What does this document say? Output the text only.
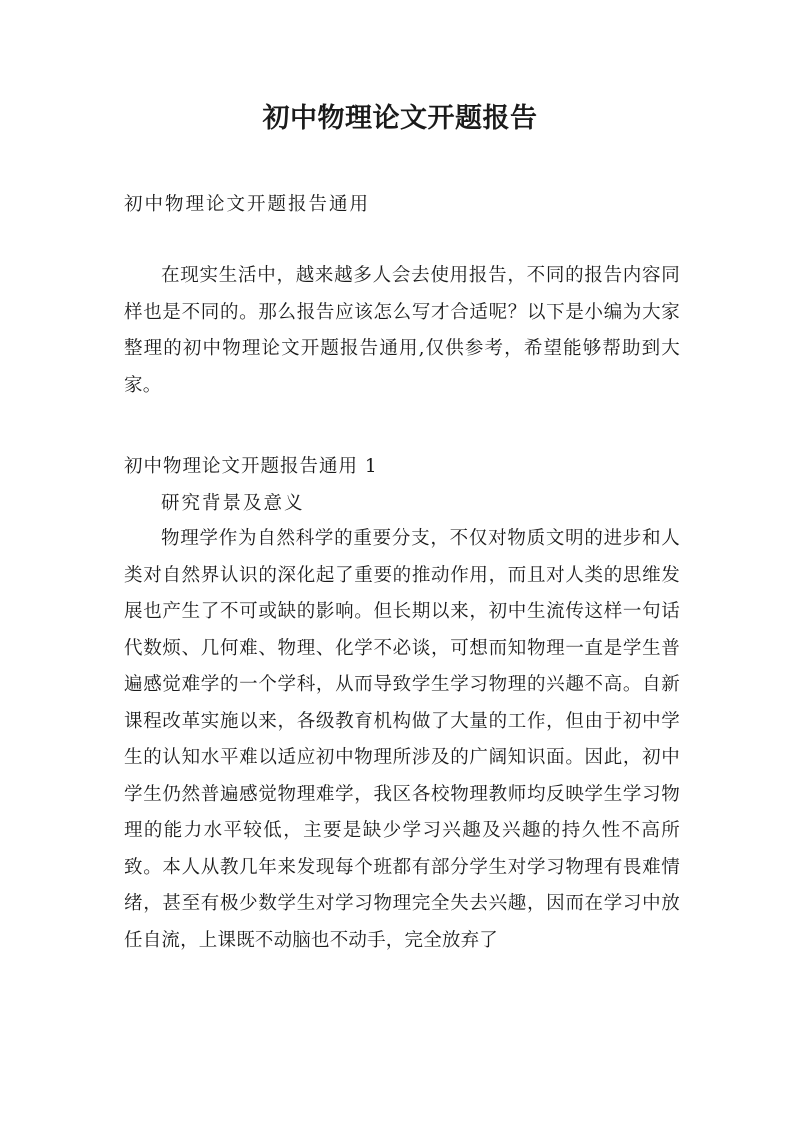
初中物理论文开题报告

初中物理论文开题报告通用

在现实生活中，越来越多人会去使用报告，不同的报告内容同样也是不同的。那么报告应该怎么写才合适呢？以下是小编为大家整理的初中物理论文开题报告通用,仅供参考，希望能够帮助到大家。

初中物理论文开题报告通用 1

研究背景及意义

物理学作为自然科学的重要分支，不仅对物质文明的进步和人类对自然界认识的深化起了重要的推动作用，而且对人类的思维发展也产生了不可或缺的影响。但长期以来，初中生流传这样一句话代数烦、几何难、物理、化学不必谈，可想而知物理一直是学生普遍感觉难学的一个学科，从而导致学生学习物理的兴趣不高。自新课程改革实施以来，各级教育机构做了大量的工作，但由于初中学生的认知水平难以适应初中物理所涉及的广阔知识面。因此，初中学生仍然普遍感觉物理难学，我区各校物理教师均反映学生学习物理的能力水平较低，主要是缺少学习兴趣及兴趣的持久性不高所致。本人从教几年来发现每个班都有部分学生对学习物理有畏难情绪，甚至有极少数学生对学习物理完全失去兴趣，因而在学习中放任自流，上课既不动脑也不动手，完全放弃了
